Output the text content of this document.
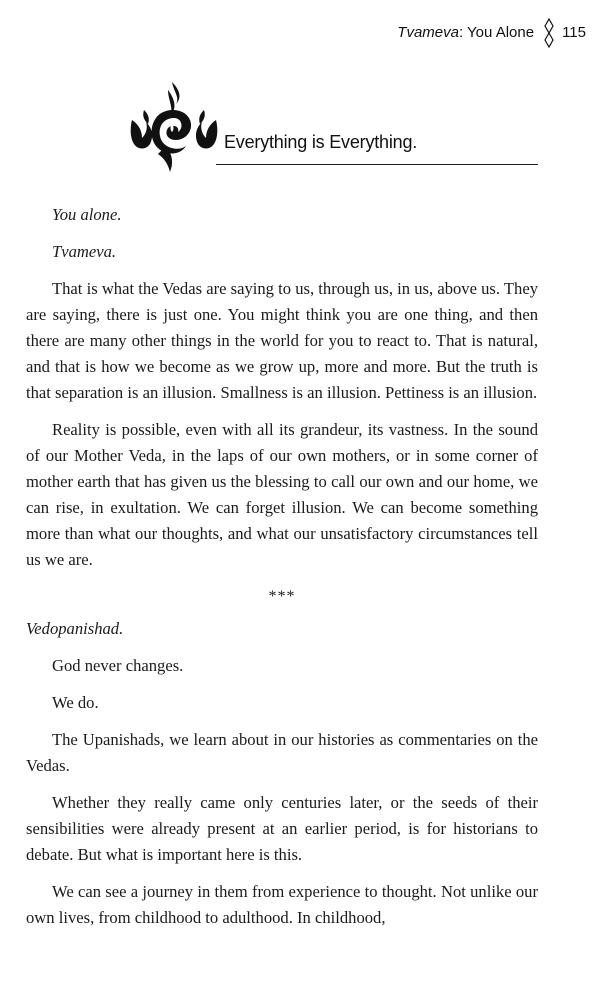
Tvameva : You Alone 115
Everything is Everything.

You alone.

Tvameva.

That is what the Vedas are saying to us, through us, in us, above us. They are saying, there is just one. You might think you are one thing, and then there are many other things in the world for you to react to. That is natural, and that is how we become as we grow up, more and more. But the truth is that separation is an illusion. Smallness is an illusion. Pettiness is an illusion.

Reality is possible, even with all its grandeur, its vastness. In the sound of our Mother Veda, in the laps of our own mothers, or in some corner of mother earth that has given us the blessing to call our own and our home, we can rise, in exultation. We can forget illusion. We can become something more than what our thoughts, and what our unsatisfactory circumstances tell us we are.

***

Vedopanishad.

God never changes.

We do.

The Upanishads, we learn about in our histories as commentaries on the Vedas.

Whether they really came only centuries later, or the seeds of their sensibilities were already present at an earlier period, is for historians to debate. But what is important here is this.

We can see a journey in them from experience to thought. Not unlike our own lives, from childhood to adulthood. In childhood,
